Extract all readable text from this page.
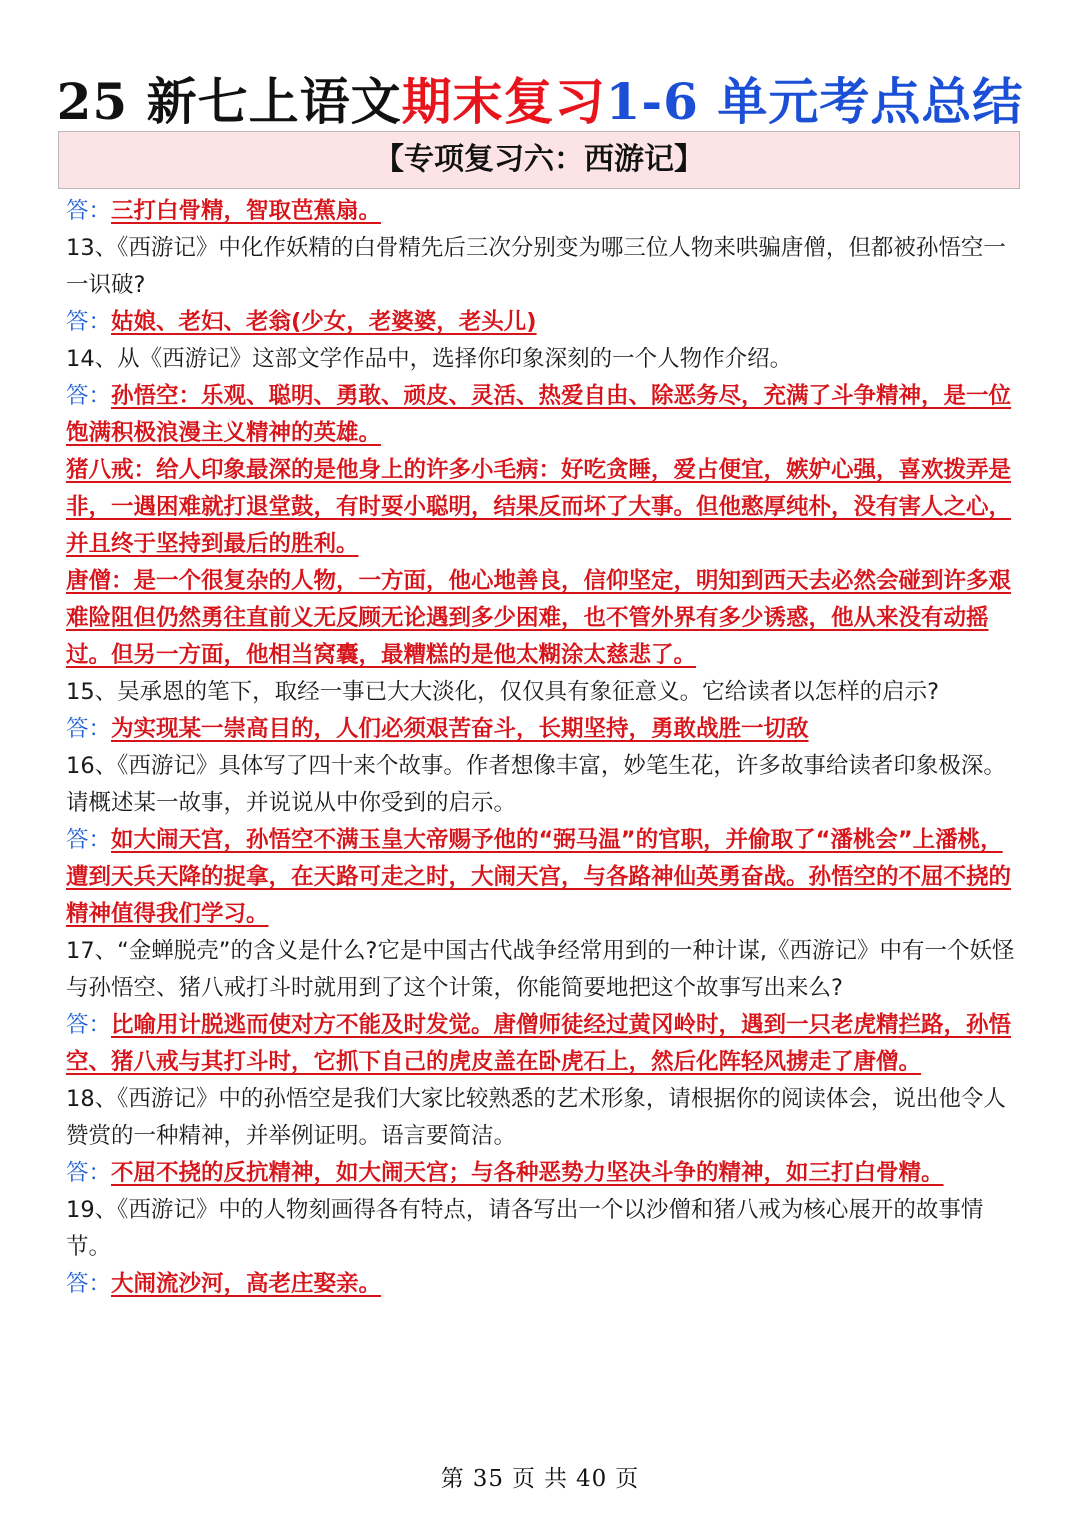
25 新七上语文期末复习1-6 单元考点总结
【专项复习六：西游记】
答：三打白骨精，智取芭蕉扇。
13、《西游记》中化作妖精的白骨精先后三次分别变为哪三位人物来哄骗唐僧，但都被孙悟空一一识破?
答：姑娘、老妇、老翁(少女，老婆婆，老头儿)
14、从《西游记》这部文学作品中，选择你印象深刻的一个人物作介绍。
答：孙悟空：乐观、聪明、勇敢、顽皮、灵活、热爱自由、除恶务尽，充满了斗争精神，是一位饱满积极浪漫主义精神的英雄。
猪八戒：给人印象最深的是他身上的许多小毛病：好吃贪睡，爱占便宜，嫉妒心强，喜欢拨弄是非，一遇困难就打退堂鼓，有时耍小聪明，结果反而坏了大事。但他憨厚纯朴，没有害人之心，并且终于坚持到最后的胜利。
唐僧：是一个很复杂的人物，一方面，他心地善良，信仰坚定，明知到西天去必然会碰到许多艰难险阻但仍然勇往直前义无反顾无论遇到多少困难，也不管外界有多少诱惑，他从来没有动摇过。但另一方面，他相当窝囊，最糟糕的是他太糊涂太慈悲了。
15、吴承恩的笔下，取经一事已大大淡化，仅仅具有象征意义。它给读者以怎样的启示?
答：为实现某一崇高目的，人们必须艰苦奋斗，长期坚持，勇敢战胜一切敌
16、《西游记》具体写了四十来个故事。作者想像丰富，妙笔生花，许多故事给读者印象极深。请概述某一故事，并说说从中你受到的启示。
答：如大闹天宫，孙悟空不满玉皇大帝赐予他的“弼马温”的官职，并偷取了“潘桃会”上潘桃，遭到天兵天降的捉拿，在天路可走之时，大闹天宫，与各路神仙英勇奋战。孙悟空的不屈不挠的精神值得我们学习。
17、“金蝉脱壳”的含义是什么?它是中国古代战争经常用到的一种计谋,《西游记》中有一个妖怪与孙悟空、猪八戒打斗时就用到了这个计策，你能简要地把这个故事写出来么?
答：比喻用计脱逃而使对方不能及时发觉。唐僧师徒经过黄冈岭时，遇到一只老虎精拦路，孙悟空、猪八戒与其打斗时，它抓下自己的虎皮盖在卧虎石上，然后化阵轻风掳走了唐僧。
18、《西游记》中的孙悟空是我们大家比较熟悉的艺术形象，请根据你的阅读体会，说出他令人赞赏的一种精神，并举例证明。语言要简洁。
答：不屈不挠的反抗精神，如大闹天宫；与各种恶势力坚决斗争的精神，如三打白骨精。
19、《西游记》中的人物刻画得各有特点，请各写出一个以沙僧和猪八戒为核心展开的故事情节。
答：大闹流沙河，高老庄娶亲。
第 35 页 共 40 页
